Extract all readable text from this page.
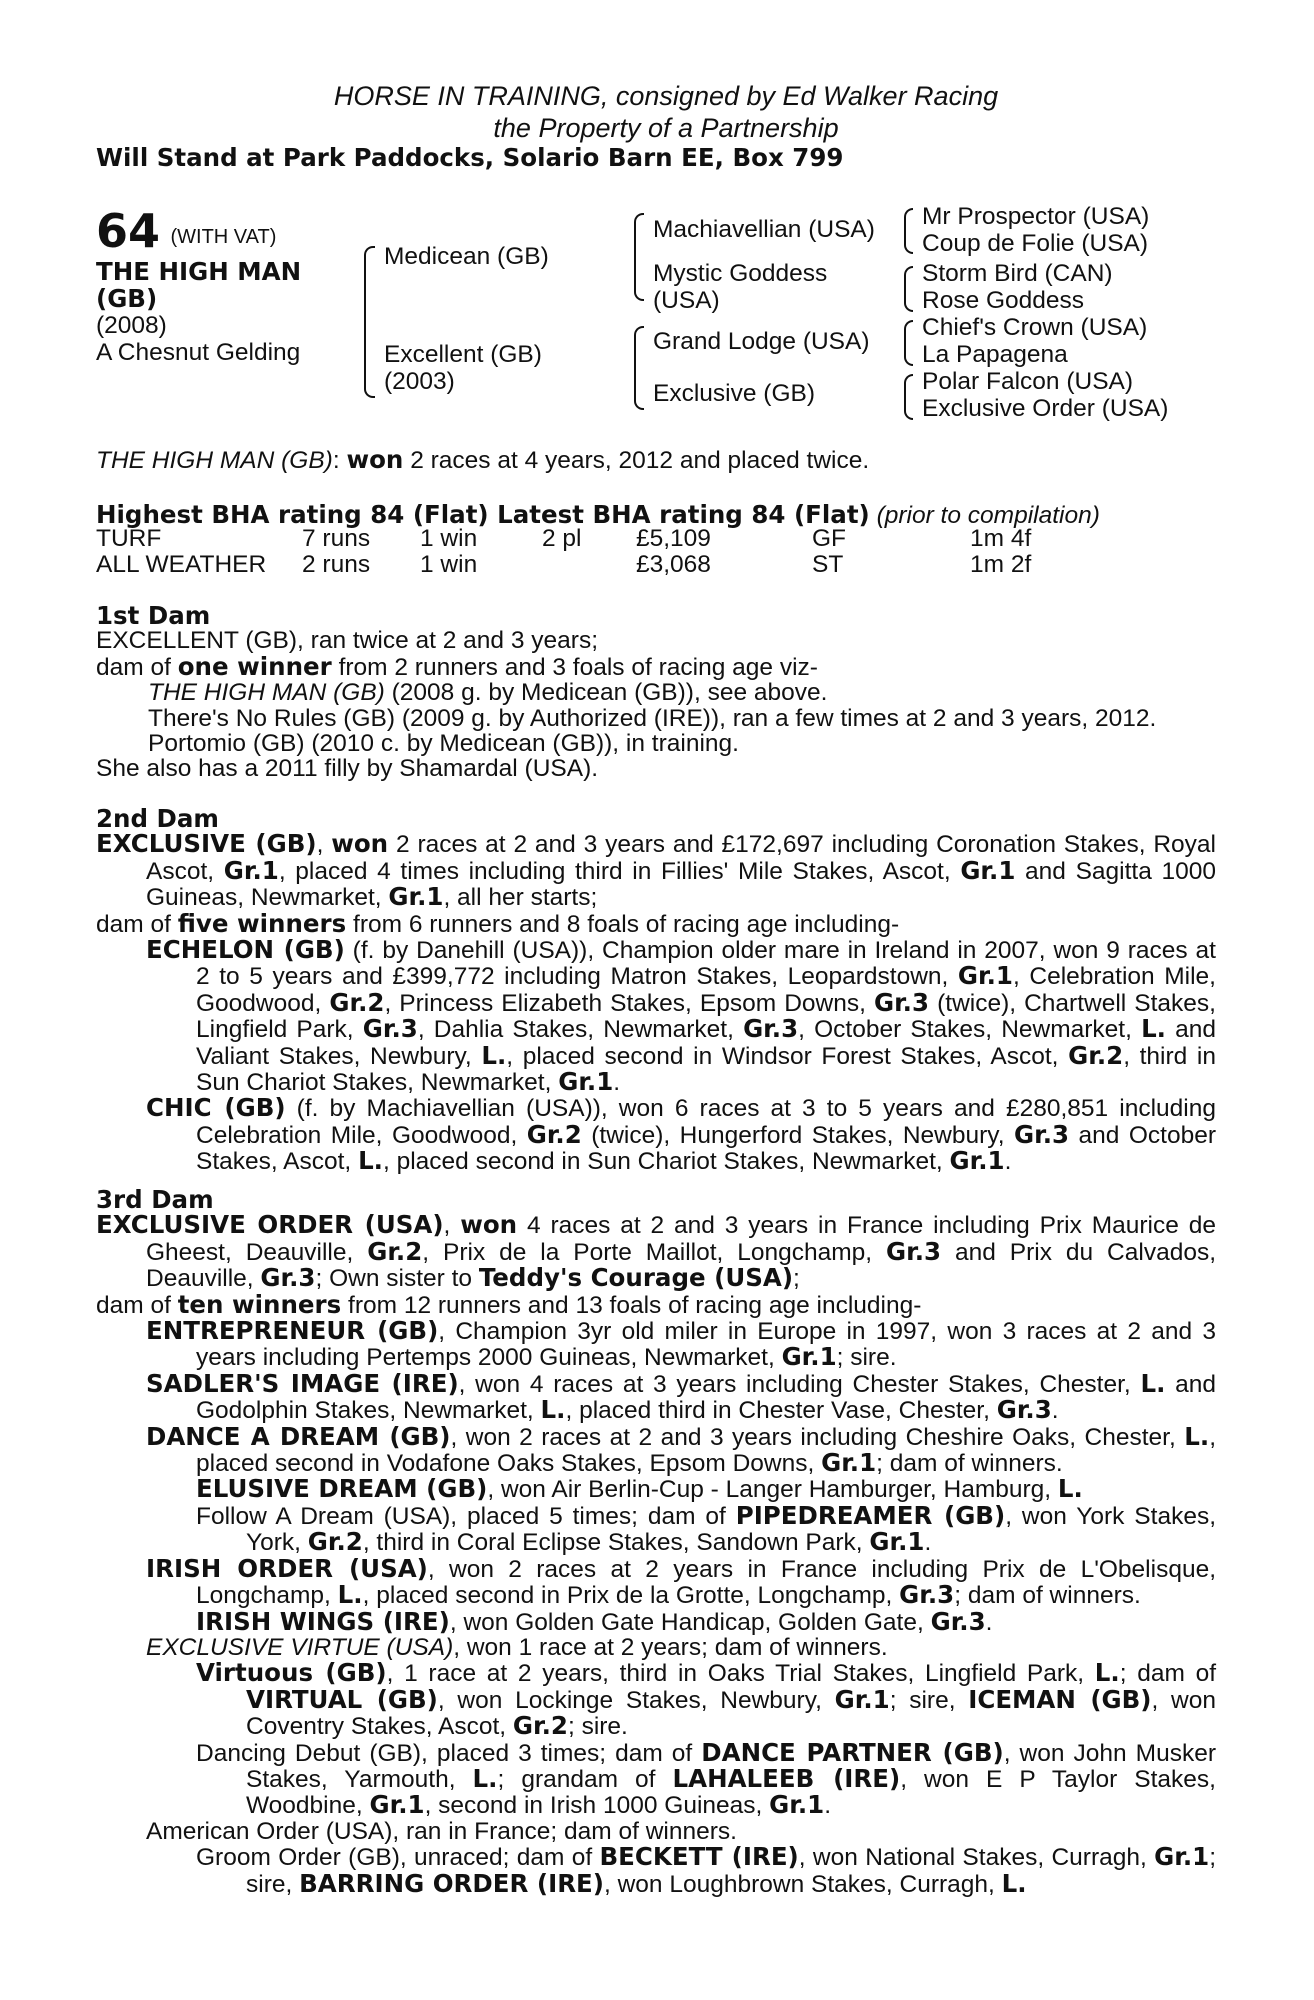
HORSE IN TRAINING, consigned by Ed Walker Racing
the Property of a Partnership
Will Stand at Park Paddocks, Solario Barn EE, Box 799
64 (WITH VAT)
THE HIGH MAN
(GB)
(2008)
A Chesnut Gelding
Medicean (GB)
Excellent (GB)
(2003)
Machiavellian (USA)
Mystic Goddess
(USA)
Grand Lodge (USA)
Exclusive (GB)
Mr Prospector (USA)
Coup de Folie (USA)
Storm Bird (CAN)
Rose Goddess
Chief's Crown (USA)
La Papagena
Polar Falcon (USA)
Exclusive Order (USA)
THE HIGH MAN (GB): won 2 races at 4 years, 2012 and placed twice.
Highest BHA rating 84 (Flat) Latest BHA rating 84 (Flat) (prior to compilation)
TURF	7 runs 1 win	2 pl £5,109	GF	1m 4f
ALL WEATHER 2 runs 1 win	£3,068	ST	1m 2f

1st Dam

EXCELLENT (GB), ran twice at 2 and 3 years;

dam of one winner from 2 runners and 3 foals of racing age viz-

THE HIGH MAN (GB) (2008 g. by Medicean (GB)), see above.

There's No Rules (GB) (2009 g. by Authorized (IRE)), ran a few times at 2 and 3 years, 2012.

Portomio (GB) (2010 c. by Medicean (GB)), in training.

She also has a 2011 filly by Shamardal (USA).

2nd Dam

EXCLUSIVE (GB), won 2 races at 2 and 3 years and £172,697 including Coronation Stakes, Royal Ascot, Gr.1, placed 4 times including third in Fillies' Mile Stakes, Ascot, Gr.1 and Sagitta 1000 Guineas, Newmarket, Gr.1, all her starts;

dam of five winners from 6 runners and 8 foals of racing age including-

ECHELON (GB) (f. by Danehill (USA)), Champion older mare in Ireland in 2007, won 9 races at 2 to 5 years and £399,772 including Matron Stakes, Leopardstown, Gr.1, Celebration Mile, Goodwood, Gr.2, Princess Elizabeth Stakes, Epsom Downs, Gr.3 (twice), Chartwell Stakes, Lingfield Park, Gr.3, Dahlia Stakes, Newmarket, Gr.3, October Stakes, Newmarket, L. and Valiant Stakes, Newbury, L., placed second in Windsor Forest Stakes, Ascot, Gr.2, third in Sun Chariot Stakes, Newmarket, Gr.1.

CHIC (GB) (f. by Machiavellian (USA)), won 6 races at 3 to 5 years and £280,851 including Celebration Mile, Goodwood, Gr.2 (twice), Hungerford Stakes, Newbury, Gr.3 and October Stakes, Ascot, L., placed second in Sun Chariot Stakes, Newmarket, Gr.1.

3rd Dam

EXCLUSIVE ORDER (USA), won 4 races at 2 and 3 years in France including Prix Maurice de Gheest, Deauville, Gr.2, Prix de la Porte Maillot, Longchamp, Gr.3 and Prix du Calvados, Deauville, Gr.3; Own sister to Teddy's Courage (USA);

dam of ten winners from 12 runners and 13 foals of racing age including-

ENTREPRENEUR (GB), Champion 3yr old miler in Europe in 1997, won 3 races at 2 and 3 years including Pertemps 2000 Guineas, Newmarket, Gr.1; sire.

SADLER'S IMAGE (IRE), won 4 races at 3 years including Chester Stakes, Chester, L. and Godolphin Stakes, Newmarket, L., placed third in Chester Vase, Chester, Gr.3.

DANCE A DREAM (GB), won 2 races at 2 and 3 years including Cheshire Oaks, Chester, L., placed second in Vodafone Oaks Stakes, Epsom Downs, Gr.1; dam of winners.

ELUSIVE DREAM (GB), won Air Berlin-Cup - Langer Hamburger, Hamburg, L.

Follow A Dream (USA), placed 5 times; dam of PIPEDREAMER (GB), won York Stakes, York, Gr.2, third in Coral Eclipse Stakes, Sandown Park, Gr.1.

IRISH ORDER (USA), won 2 races at 2 years in France including Prix de L'Obelisque, Longchamp, L., placed second in Prix de la Grotte, Longchamp, Gr.3; dam of winners.

IRISH WINGS (IRE), won Golden Gate Handicap, Golden Gate, Gr.3.

EXCLUSIVE VIRTUE (USA), won 1 race at 2 years; dam of winners.

Virtuous (GB), 1 race at 2 years, third in Oaks Trial Stakes, Lingfield Park, L.; dam of VIRTUAL (GB), won Lockinge Stakes, Newbury, Gr.1; sire, ICEMAN (GB), won Coventry Stakes, Ascot, Gr.2; sire.

Dancing Debut (GB), placed 3 times; dam of DANCE PARTNER (GB), won John Musker Stakes, Yarmouth, L.; grandam of LAHALEEB (IRE), won E P Taylor Stakes, Woodbine, Gr.1, second in Irish 1000 Guineas, Gr.1.

American Order (USA), ran in France; dam of winners.

Groom Order (GB), unraced; dam of BECKETT (IRE), won National Stakes, Curragh, Gr.1; sire, BARRING ORDER (IRE), won Loughbrown Stakes, Curragh, L.
